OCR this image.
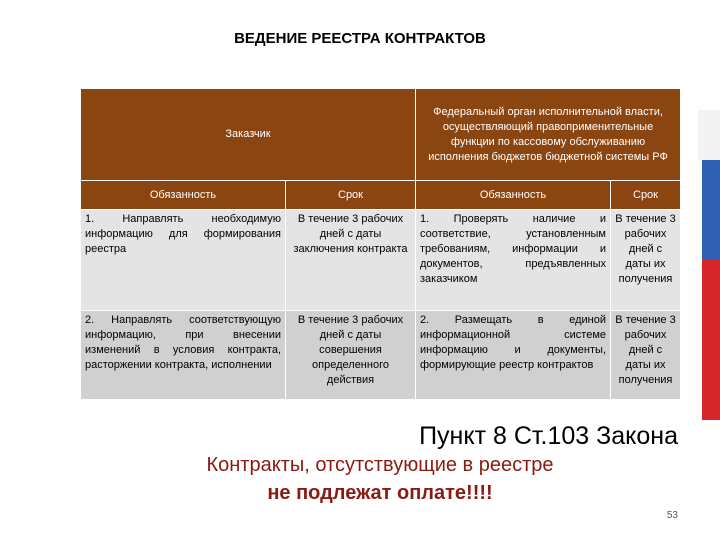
ВЕДЕНИЕ РЕЕСТРА КОНТРАКТОВ
Заказчик		Федеральный орган исполнительной власти, осуществляющий правоприменительные функции по кассовому обслуживанию исполнения бюджетов бюджетной системы РФ	
Обязанность	Срок	Обязанность	Срок
1. Направлять необходимую информацию для формирования реестра	В течение 3 рабочих дней с даты заключения контракта	1. Проверять наличие и соответствие, установленным требованиям, информации и документов, предъявленных заказчиком	В течение 3 рабочих дней с даты их получения
2. Направлять соответствующую информацию, при внесении изменений в условия контракта, расторжении контракта, исполнении	В течение 3 рабочих дней с даты совершения определенного действия	2. Размещать в единой информационной системе информацию и документы, формирующие реестр контрактов	В течение 3 рабочих дней с даты их получения
Пункт 8 Ст.103 Закона
Контракты, отсутствующие в реестре
не подлежат оплате!!!!
53
